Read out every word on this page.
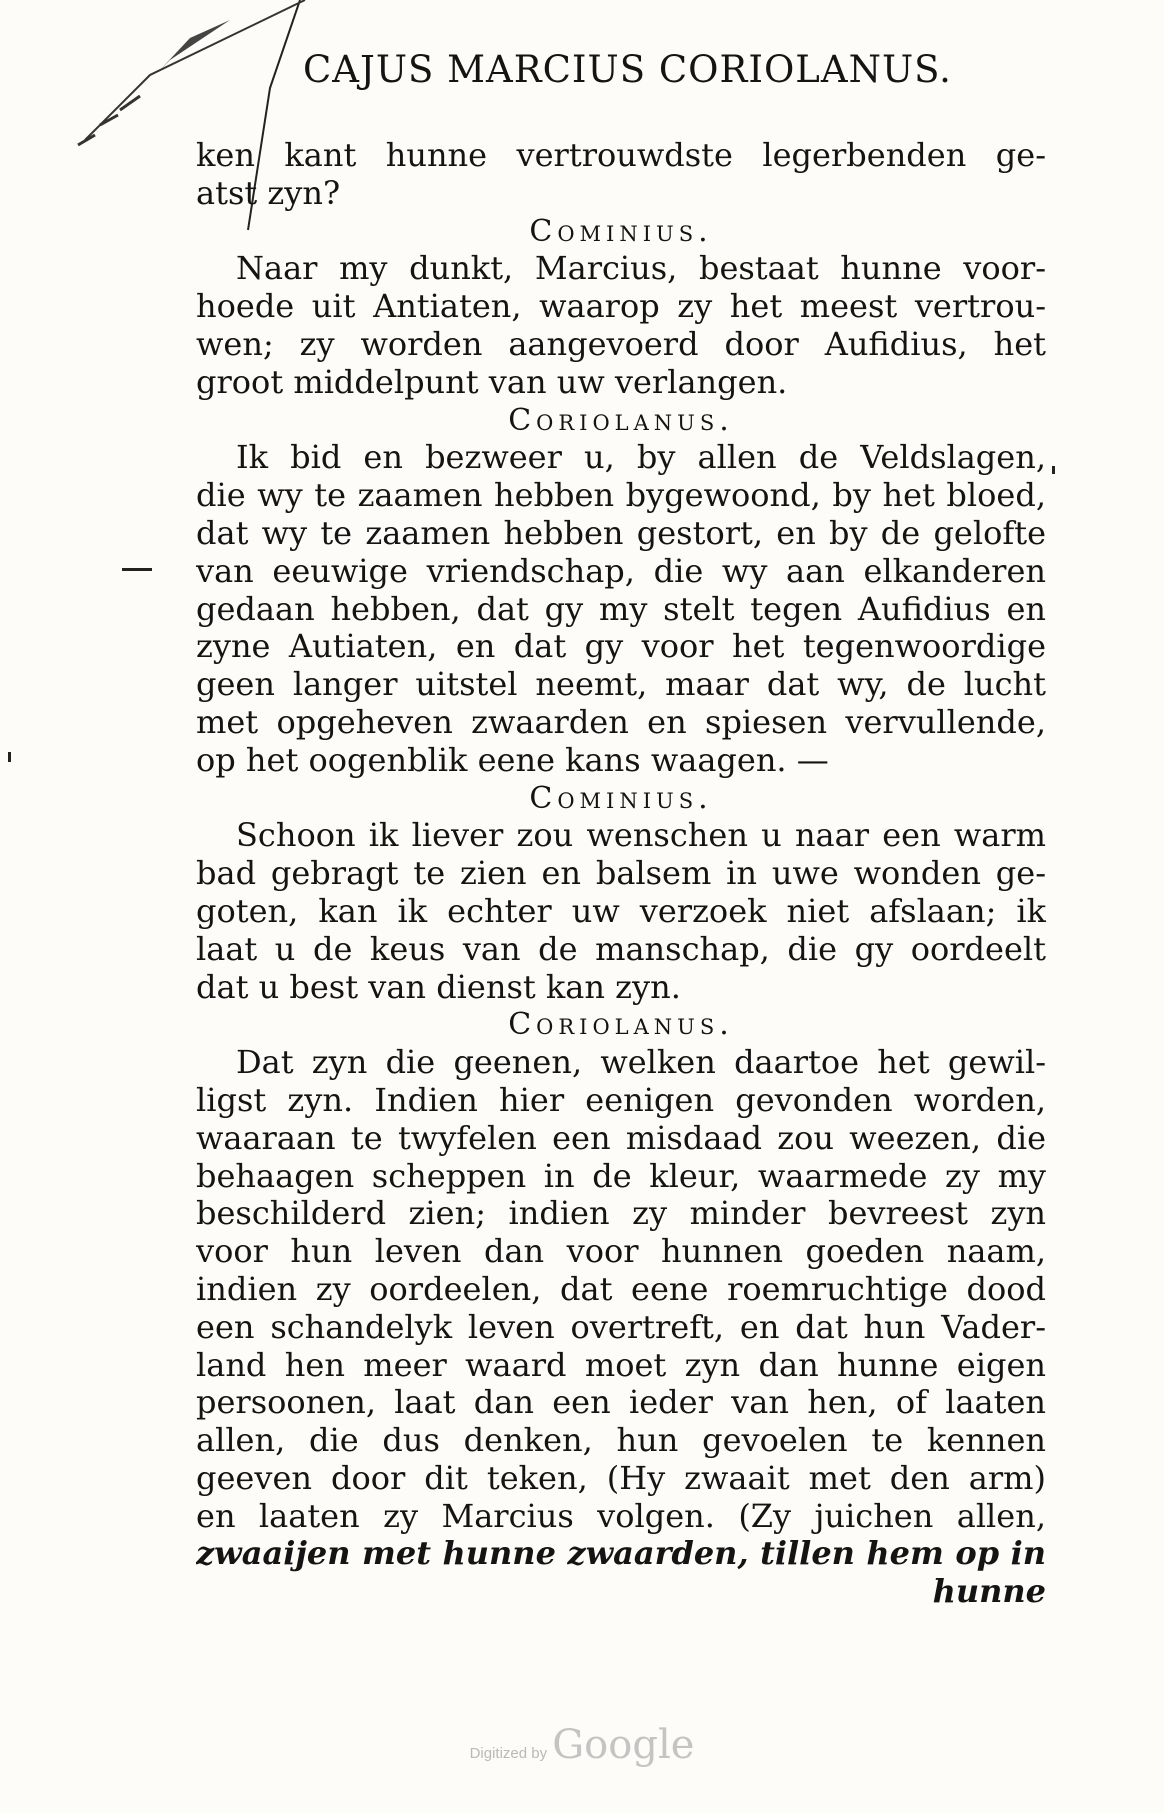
CAJUS MARCIUS CORIOLANUS.
ken kant hunne vertrouwdste legerbenden ge-
atst zyn?
Cominius.
Naar my dunkt, Marcius, bestaat hunne voor-
hoede uit Antiaten, waarop zy het meest vertrou-
wen; zy worden aangevoerd door Aufidius, het
groot middelpunt van uw verlangen.
Coriolanus.
Ik bid en bezweer u, by allen de Veldslagen,
die wy te zaamen hebben bygewoond, by het bloed,
dat wy te zaamen hebben gestort, en by de gelofte
van eeuwige vriendschap, die wy aan elkanderen
gedaan hebben, dat gy my stelt tegen Aufidius en
zyne Autiaten, en dat gy voor het tegenwoordige
geen langer uitstel neemt, maar dat wy, de lucht
met opgeheven zwaarden en spiesen vervullende,
op het oogenblik eene kans waagen. —
Cominius.
Schoon ik liever zou wenschen u naar een warm
bad gebragt te zien en balsem in uwe wonden ge-
goten, kan ik echter uw verzoek niet afslaan; ik
laat u de keus van de manschap, die gy oordeelt
dat u best van dienst kan zyn.
Coriolanus.
Dat zyn die geenen, welken daartoe het gewil-
ligst zyn. Indien hier eenigen gevonden worden,
waaraan te twyfelen een misdaad zou weezen, die
behaagen scheppen in de kleur, waarmede zy my
beschilderd zien; indien zy minder bevreest zyn
voor hun leven dan voor hunnen goeden naam,
indien zy oordeelen, dat eene roemruchtige dood
een schandelyk leven overtreft, en dat hun Vader-
land hen meer waard moet zyn dan hunne eigen
persoonen, laat dan een ieder van hen, of laaten
allen, die dus denken, hun gevoelen te kennen
geeven door dit teken, (Hy zwaait met den arm)
en laaten zy Marcius volgen. (Zy juichen allen,
zwaaijen met hunne zwaarden, tillen hem op in
hunne
Digitized by Google
